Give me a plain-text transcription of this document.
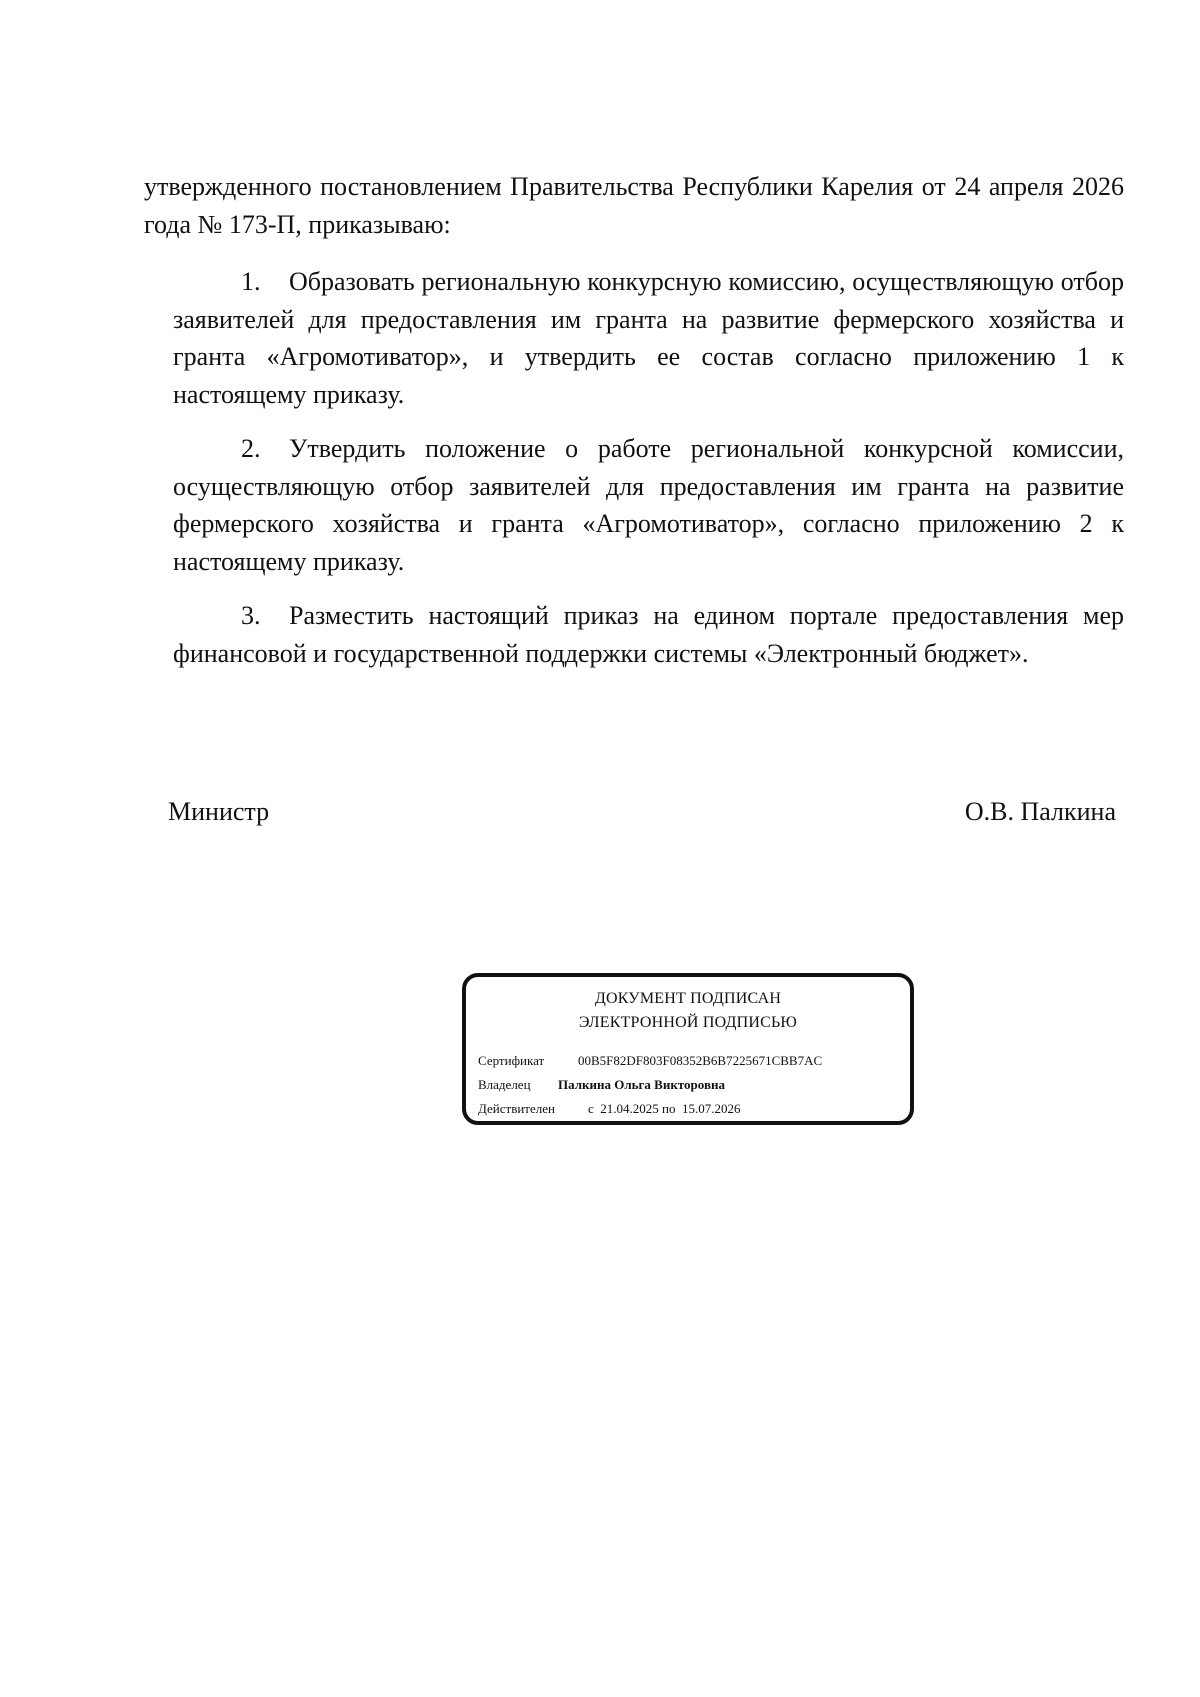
утвержденного постановлением Правительства Республики Карелия от 24 апреля 2026 года № 173-П, приказываю:
1. Образовать региональную конкурсную комиссию, осуществляющую отбор заявителей для предоставления им гранта на развитие фермерского хозяйства и гранта «Агромотиватор», и утвердить ее состав согласно приложению 1 к настоящему приказу.
2. Утвердить положение о работе региональной конкурсной комиссии, осуществляющую отбор заявителей для предоставления им гранта на развитие фермерского хозяйства и гранта «Агромотиватор», согласно приложению 2 к настоящему приказу.
3. Разместить настоящий приказ на едином портале предоставления мер финансовой и государственной поддержки системы «Электронный бюджет».
Министр	О.В. Палкина
ДОКУМЕНТ ПОДПИСАН
ЭЛЕКТРОННОЙ ПОДПИСЬЮ
Сертификат	00B5F82DF803F08352B6B7225671CBB7AC
Владелец Палкина Ольга Викторовна
Действителен	с  21.04.2025 по  15.07.2026
